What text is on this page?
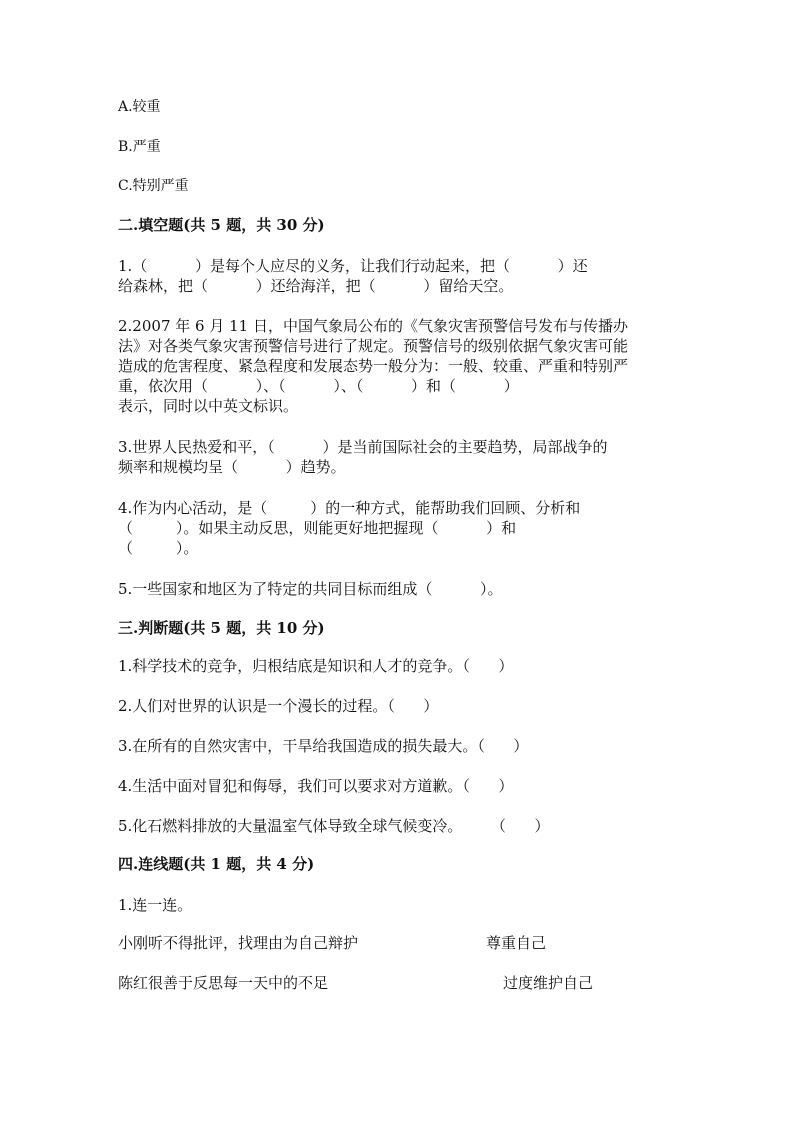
A.较重
B.严重
C.特别严重
二.填空题(共 5 题，共 30 分)

1.（          ）是每个人应尽的义务，让我们行动起来，把（          ）还

给森林，把（          ）还给海洋，把（          ）留给天空。

2.2007 年 6 月 11 日，中国气象局公布的《气象灾害预警信号发布与传播办

法》对各类气象灾害预警信号进行了规定。预警信号的级别依据气象灾害可能

造成的危害程度、紧急程度和发展态势一般分为：一般、较重、严重和特别严

重，依次用（          ）、（          ）、（          ）和（          ）

表示，同时以中英文标识。

3.世界人民热爱和平，（          ）是当前国际社会的主要趋势，局部战争的

频率和规模均呈（          ）趋势。

4.作为内心活动，是（         ）的一种方式，能帮助我们回顾、分析和

（         ）。如果主动反思，则能更好地把握现（          ）和

（         ）。

5.一些国家和地区为了特定的共同目标而组成（          ）。

三.判断题(共 5 题，共 10 分)

1.科学技术的竞争，归根结底是知识和人才的竞争。（      ）

2.人们对世界的认识是一个漫长的过程。（      ）

3.在所有的自然灾害中，干旱给我国造成的损失最大。（      ）

4.生活中面对冒犯和侮辱，我们可以要求对方道歉。（      ）

5.化石燃料排放的大量温室气体导致全球气候变冷。      （      ）

四.连线题(共 1 题，共 4 分)

1.连一连。

小刚听不得批评，找理由为自己辩护	尊重自己
陈红很善于反思每一天中的不足	过度维护自己
